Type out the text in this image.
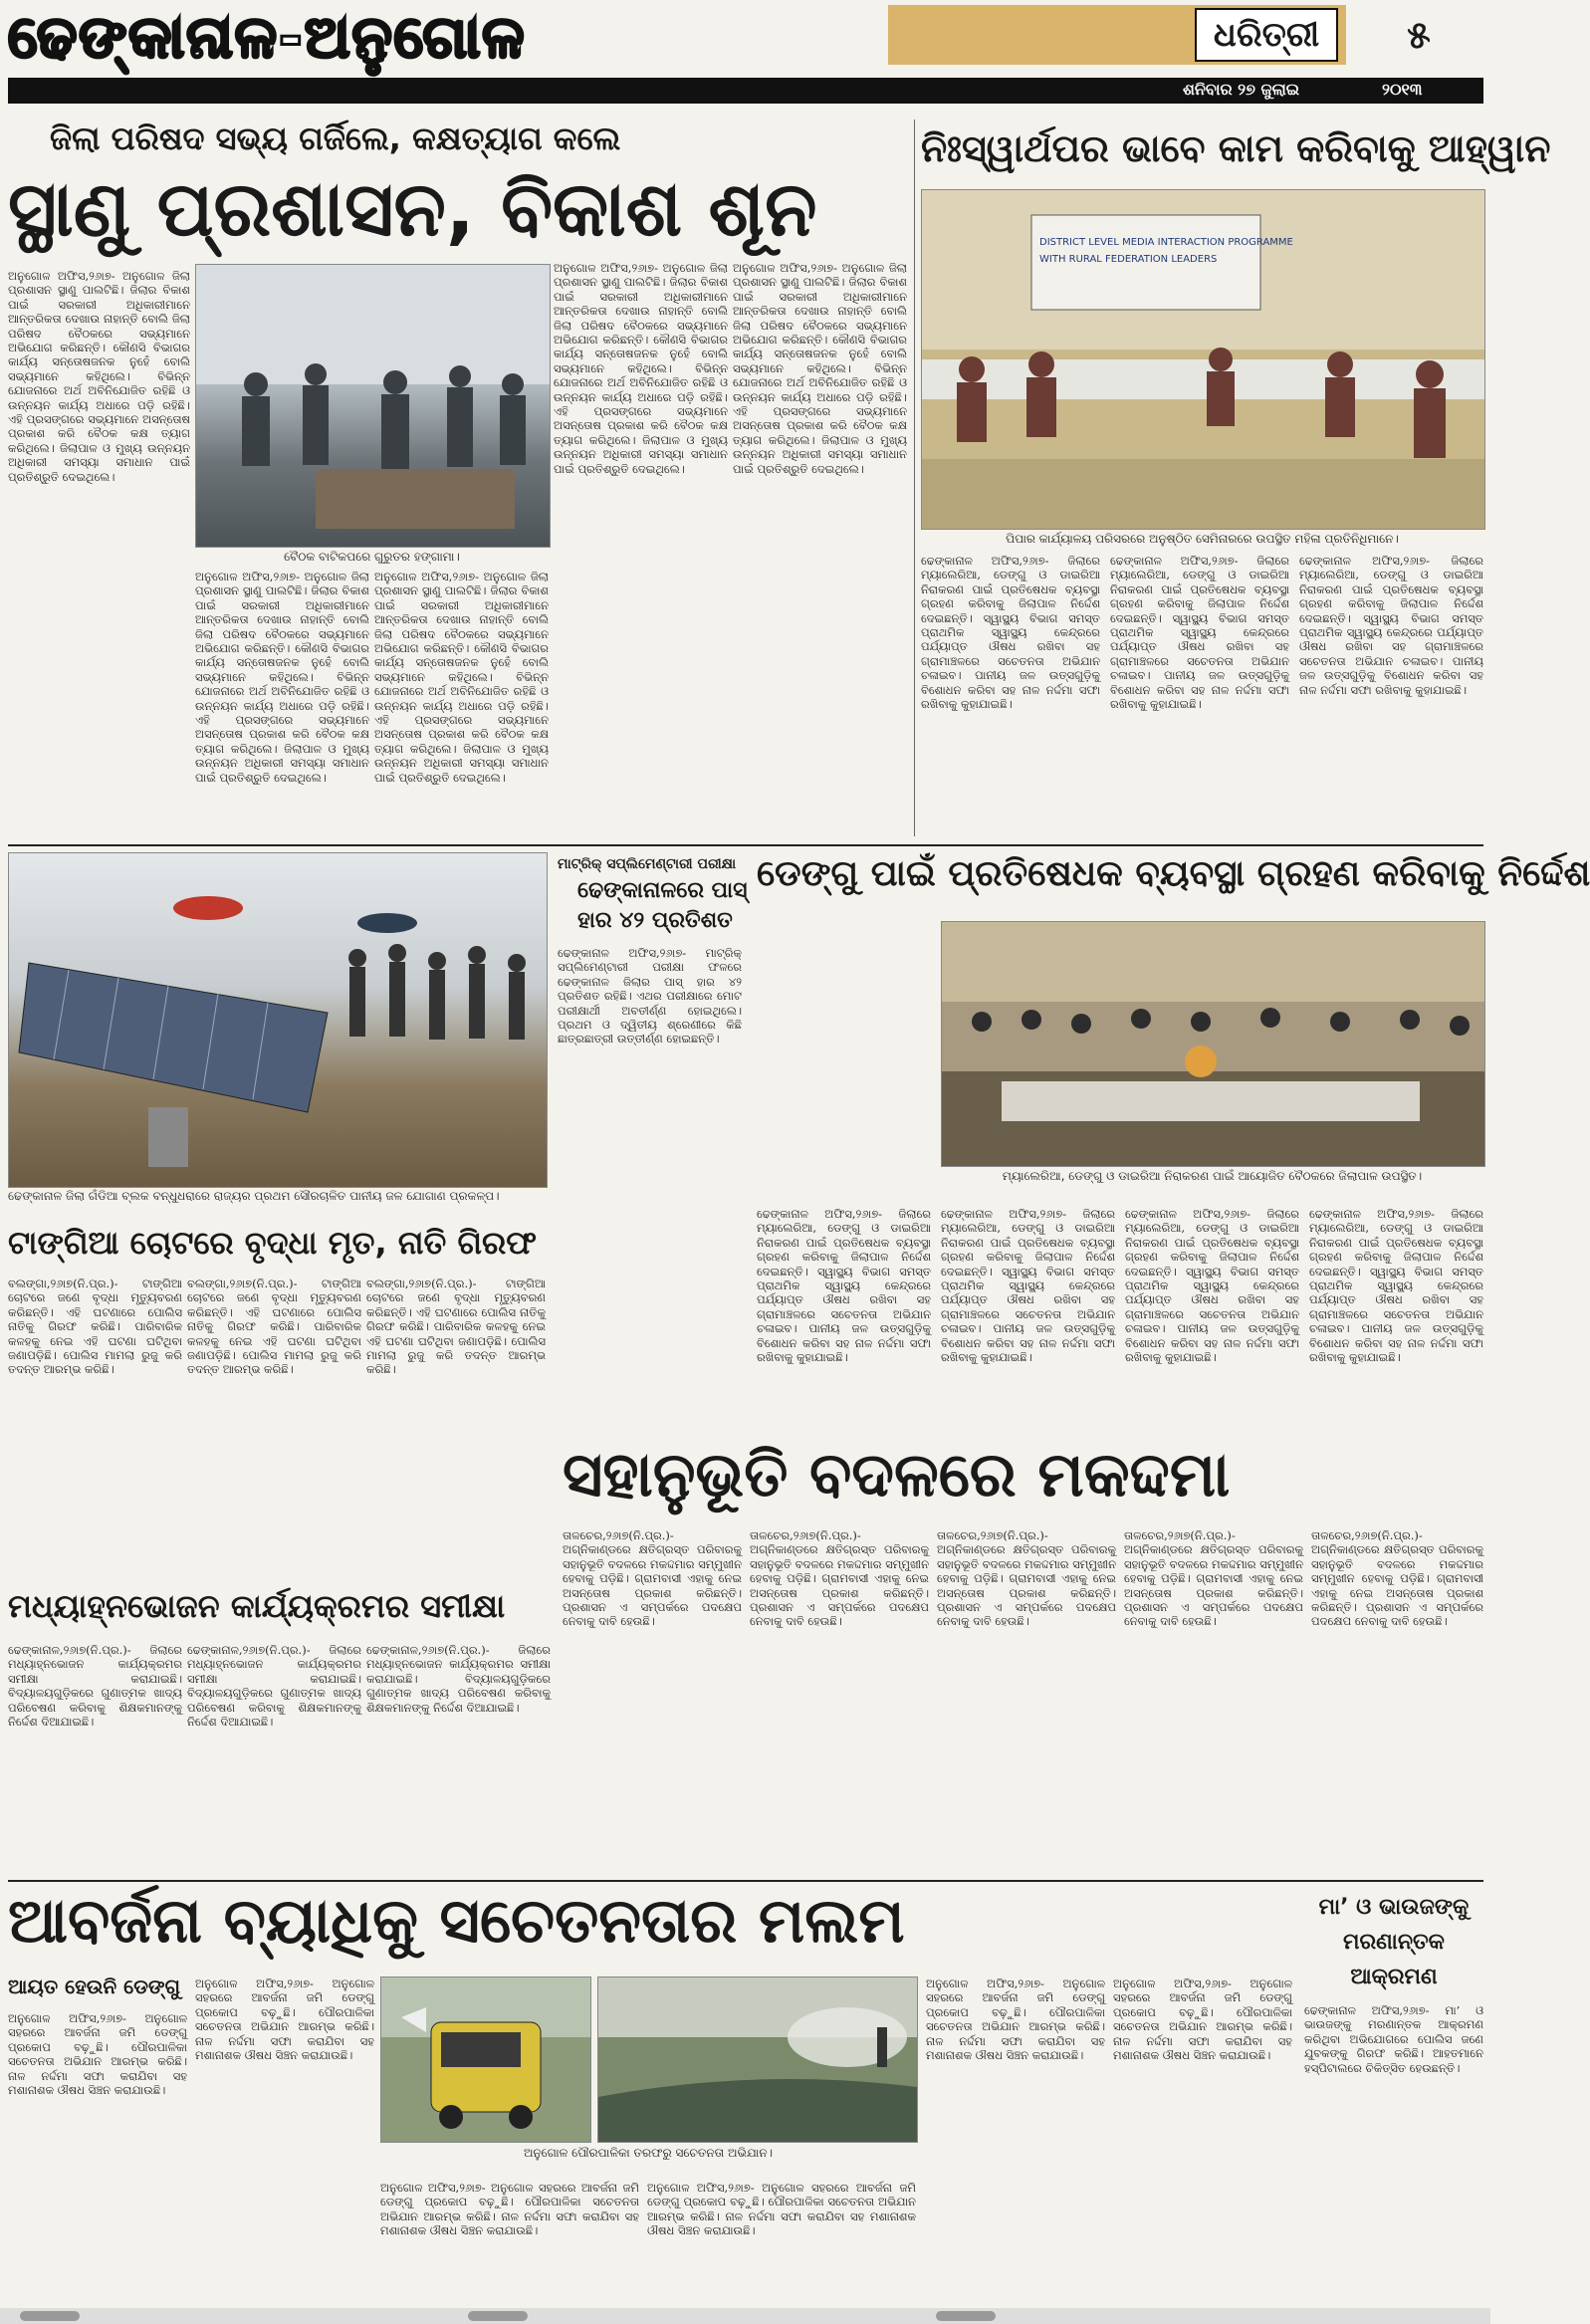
ଢେଙ୍କାନାଳ-ଅନୁଗୋଳ	ଧରିତ୍ରୀ	୫
ଶନିବାର ୨୭ ଜୁଲାଇ	୨୦୧୩
ଜିଲା ପରିଷଦ ସଭ୍ୟ ଗର୍ଜିଲେ, କକ୍ଷତ୍ୟାଗ କଲେ
ସ୍ଥାଣୁ ପ୍ରଶାସନ, ବିକାଶ ଶୂନ
ଅନୁଗୋଳ ଅଫିସ,୨୬ା୭- ଅନୁଗୋଳ ଜିଲା ପ୍ରଶାସନ ସ୍ଥାଣୁ ପାଲଟିଛି। ଜିଲାର ବିକାଶ ପାଇଁ ସରକାରୀ ଅଧିକାରୀମାନେ ଆନ୍ତରିକତା ଦେଖାଉ ନାହାନ୍ତି ବୋଲି ଜିଲା ପରିଷଦ ବୈଠକରେ ସଭ୍ୟମାନେ ଅଭିଯୋଗ କରିଛନ୍ତି। କୌଣସି ବିଭାଗର କାର୍ଯ୍ୟ ସନ୍ତୋଷଜନକ ନୁହେଁ ବୋଲି ସଭ୍ୟମାନେ କହିଥିଲେ। ବିଭିନ୍ନ ଯୋଜନାରେ ଅର୍ଥ ଅବିନିଯୋଜିତ ରହିଛି ଓ ଉନ୍ନୟନ କାର୍ଯ୍ୟ ଅଧାରେ ପଡ଼ି ରହିଛି। ଏହି ପ୍ରସଙ୍ଗରେ ସଭ୍ୟମାନେ ଅସନ୍ତୋଷ ପ୍ରକାଶ କରି ବୈଠକ କକ୍ଷ ତ୍ୟାଗ କରିଥିଲେ। ଜିଲାପାଳ ଓ ମୁଖ୍ୟ ଉନ୍ନୟନ ଅଧିକାରୀ ସମସ୍ୟା ସମାଧାନ ପାଇଁ ପ୍ରତିଶ୍ରୁତି ଦେଇଥିଲେ।
ବୈଠକ ବାଟିକପରେ ଗୁରୁତର ହଙ୍ଗାମା।
ଅନୁଗୋଳ ଅଫିସ,୨୬ା୭- ଅନୁଗୋଳ ଜିଲା ପ୍ରଶାସନ ସ୍ଥାଣୁ ପାଲଟିଛି। ଜିଲାର ବିକାଶ ପାଇଁ ସରକାରୀ ଅଧିକାରୀମାନେ ଆନ୍ତରିକତା ଦେଖାଉ ନାହାନ୍ତି ବୋଲି ଜିଲା ପରିଷଦ ବୈଠକରେ ସଭ୍ୟମାନେ ଅଭିଯୋଗ କରିଛନ୍ତି। କୌଣସି ବିଭାଗର କାର୍ଯ୍ୟ ସନ୍ତୋଷଜନକ ନୁହେଁ ବୋଲି ସଭ୍ୟମାନେ କହିଥିଲେ। ବିଭିନ୍ନ ଯୋଜନାରେ ଅର୍ଥ ଅବିନିଯୋଜିତ ରହିଛି ଓ ଉନ୍ନୟନ କାର୍ଯ୍ୟ ଅଧାରେ ପଡ଼ି ରହିଛି। ଏହି ପ୍ରସଙ୍ଗରେ ସଭ୍ୟମାନେ ଅସନ୍ତୋଷ ପ୍ରକାଶ କରି ବୈଠକ କକ୍ଷ ତ୍ୟାଗ କରିଥିଲେ। ଜିଲାପାଳ ଓ ମୁଖ୍ୟ ଉନ୍ନୟନ ଅଧିକାରୀ ସମସ୍ୟା ସମାଧାନ ପାଇଁ ପ୍ରତିଶ୍ରୁତି ଦେଇଥିଲେ।
ଅନୁଗୋଳ ଅଫିସ,୨୬ା୭- ଅନୁଗୋଳ ଜିଲା ପ୍ରଶାସନ ସ୍ଥାଣୁ ପାଲଟିଛି। ଜିଲାର ବିକାଶ ପାଇଁ ସରକାରୀ ଅଧିକାରୀମାନେ ଆନ୍ତରିକତା ଦେଖାଉ ନାହାନ୍ତି ବୋଲି ଜିଲା ପରିଷଦ ବୈଠକରେ ସଭ୍ୟମାନେ ଅଭିଯୋଗ କରିଛନ୍ତି। କୌଣସି ବିଭାଗର କାର୍ଯ୍ୟ ସନ୍ତୋଷଜନକ ନୁହେଁ ବୋଲି ସଭ୍ୟମାନେ କହିଥିଲେ। ବିଭିନ୍ନ ଯୋଜନାରେ ଅର୍ଥ ଅବିନିଯୋଜିତ ରହିଛି ଓ ଉନ୍ନୟନ କାର୍ଯ୍ୟ ଅଧାରେ ପଡ଼ି ରହିଛି। ଏହି ପ୍ରସଙ୍ଗରେ ସଭ୍ୟମାନେ ଅସନ୍ତୋଷ ପ୍ରକାଶ କରି ବୈଠକ କକ୍ଷ ତ୍ୟାଗ କରିଥିଲେ। ଜିଲାପାଳ ଓ ମୁଖ୍ୟ ଉନ୍ନୟନ ଅଧିକାରୀ ସମସ୍ୟା ସମାଧାନ ପାଇଁ ପ୍ରତିଶ୍ରୁତି ଦେଇଥିଲେ।
ଅନୁଗୋଳ ଅଫିସ,୨୬ା୭- ଅନୁଗୋଳ ଜିଲା ପ୍ରଶାସନ ସ୍ଥାଣୁ ପାଲଟିଛି। ଜିଲାର ବିକାଶ ପାଇଁ ସରକାରୀ ଅଧିକାରୀମାନେ ଆନ୍ତରିକତା ଦେଖାଉ ନାହାନ୍ତି ବୋଲି ଜିଲା ପରିଷଦ ବୈଠକରେ ସଭ୍ୟମାନେ ଅଭିଯୋଗ କରିଛନ୍ତି। କୌଣସି ବିଭାଗର କାର୍ଯ୍ୟ ସନ୍ତୋଷଜନକ ନୁହେଁ ବୋଲି ସଭ୍ୟମାନେ କହିଥିଲେ। ବିଭିନ୍ନ ଯୋଜନାରେ ଅର୍ଥ ଅବିନିଯୋଜିତ ରହିଛି ଓ ଉନ୍ନୟନ କାର୍ଯ୍ୟ ଅଧାରେ ପଡ଼ି ରହିଛି। ଏହି ପ୍ରସଙ୍ଗରେ ସଭ୍ୟମାନେ ଅସନ୍ତୋଷ ପ୍ରକାଶ କରି ବୈଠକ କକ୍ଷ ତ୍ୟାଗ କରିଥିଲେ। ଜିଲାପାଳ ଓ ମୁଖ୍ୟ ଉନ୍ନୟନ ଅଧିକାରୀ ସମସ୍ୟା ସମାଧାନ ପାଇଁ ପ୍ରତିଶ୍ରୁତି ଦେଇଥିଲେ।
ଅନୁଗୋଳ ଅଫିସ,୨୬ା୭- ଅନୁଗୋଳ ଜିଲା ପ୍ରଶାସନ ସ୍ଥାଣୁ ପାଲଟିଛି। ଜିଲାର ବିକାଶ ପାଇଁ ସରକାରୀ ଅଧିକାରୀମାନେ ଆନ୍ତରିକତା ଦେଖାଉ ନାହାନ୍ତି ବୋଲି ଜିଲା ପରିଷଦ ବୈଠକରେ ସଭ୍ୟମାନେ ଅଭିଯୋଗ କରିଛନ୍ତି। କୌଣସି ବିଭାଗର କାର୍ଯ୍ୟ ସନ୍ତୋଷଜନକ ନୁହେଁ ବୋଲି ସଭ୍ୟମାନେ କହିଥିଲେ। ବିଭିନ୍ନ ଯୋଜନାରେ ଅର୍ଥ ଅବିନିଯୋଜିତ ରହିଛି ଓ ଉନ୍ନୟନ କାର୍ଯ୍ୟ ଅଧାରେ ପଡ଼ି ରହିଛି। ଏହି ପ୍ରସଙ୍ଗରେ ସଭ୍ୟମାନେ ଅସନ୍ତୋଷ ପ୍ରକାଶ କରି ବୈଠକ କକ୍ଷ ତ୍ୟାଗ କରିଥିଲେ। ଜିଲାପାଳ ଓ ମୁଖ୍ୟ ଉନ୍ନୟନ ଅଧିକାରୀ ସମସ୍ୟା ସମାଧାନ ପାଇଁ ପ୍ରତିଶ୍ରୁତି ଦେଇଥିଲେ।
ନିଃସ୍ୱାର୍ଥପର ଭାବେ କାମ କରିବାକୁ ଆହ୍ୱାନ
DISTRICT LEVEL MEDIA INTERACTION PROGRAMME
WITH RURAL FEDERATION LEADERS
ପିପାର କାର୍ଯ୍ୟାଳୟ ପରିସରରେ ଅନୁଷ୍ଠିତ ସେମିନାରରେ ଉପସ୍ଥିତ ମହିଳା ପ୍ରତିନିଧିମାନେ।
ଢେଙ୍କାନାଳ ଅଫିସ,୨୬ା୭- ଜିଲାରେ ମ୍ୟାଲେରିଆ, ଡେଙ୍ଗୁ ଓ ଡାଇରିଆ ନିରାକରଣ ପାଇଁ ପ୍ରତିଷେଧକ ବ୍ୟବସ୍ଥା ଗ୍ରହଣ କରିବାକୁ ଜିଲାପାଳ ନିର୍ଦ୍ଦେଶ ଦେଇଛନ୍ତି। ସ୍ୱାସ୍ଥ୍ୟ ବିଭାଗ ସମସ୍ତ ପ୍ରାଥମିକ ସ୍ୱାସ୍ଥ୍ୟ କେନ୍ଦ୍ରରେ ପର୍ଯ୍ୟାପ୍ତ ଔଷଧ ରଖିବା ସହ ଗ୍ରାମାଞ୍ଚଳରେ ସଚେତନତା ଅଭିଯାନ ଚଳାଇବ। ପାନୀୟ ଜଳ ଉତ୍ସଗୁଡ଼ିକୁ ବିଶୋଧନ କରିବା ସହ ନାଳ ନର୍ଦ୍ଦମା ସଫା ରଖିବାକୁ କୁହାଯାଇଛି।
ଢେଙ୍କାନାଳ ଅଫିସ,୨୬ା୭- ଜିଲାରେ ମ୍ୟାଲେରିଆ, ଡେଙ୍ଗୁ ଓ ଡାଇରିଆ ନିରାକରଣ ପାଇଁ ପ୍ରତିଷେଧକ ବ୍ୟବସ୍ଥା ଗ୍ରହଣ କରିବାକୁ ଜିଲାପାଳ ନିର୍ଦ୍ଦେଶ ଦେଇଛନ୍ତି। ସ୍ୱାସ୍ଥ୍ୟ ବିଭାଗ ସମସ୍ତ ପ୍ରାଥମିକ ସ୍ୱାସ୍ଥ୍ୟ କେନ୍ଦ୍ରରେ ପର୍ଯ୍ୟାପ୍ତ ଔଷଧ ରଖିବା ସହ ଗ୍ରାମାଞ୍ଚଳରେ ସଚେତନତା ଅଭିଯାନ ଚଳାଇବ। ପାନୀୟ ଜଳ ଉତ୍ସଗୁଡ଼ିକୁ ବିଶୋଧନ କରିବା ସହ ନାଳ ନର୍ଦ୍ଦମା ସଫା ରଖିବାକୁ କୁହାଯାଇଛି।
ଢେଙ୍କାନାଳ ଅଫିସ,୨୬ା୭- ଜିଲାରେ ମ୍ୟାଲେରିଆ, ଡେଙ୍ଗୁ ଓ ଡାଇରିଆ ନିରାକରଣ ପାଇଁ ପ୍ରତିଷେଧକ ବ୍ୟବସ୍ଥା ଗ୍ରହଣ କରିବାକୁ ଜିଲାପାଳ ନିର୍ଦ୍ଦେଶ ଦେଇଛନ୍ତି। ସ୍ୱାସ୍ଥ୍ୟ ବିଭାଗ ସମସ୍ତ ପ୍ରାଥମିକ ସ୍ୱାସ୍ଥ୍ୟ କେନ୍ଦ୍ରରେ ପର୍ଯ୍ୟାପ୍ତ ଔଷଧ ରଖିବା ସହ ଗ୍ରାମାଞ୍ଚଳରେ ସଚେତନତା ଅଭିଯାନ ଚଳାଇବ। ପାନୀୟ ଜଳ ଉତ୍ସଗୁଡ଼ିକୁ ବିଶୋଧନ କରିବା ସହ ନାଳ ନର୍ଦ୍ଦମା ସଫା ରଖିବାକୁ କୁହାଯାଇଛି।
ଢେଙ୍କାନାଳ ଜିଲା ଗଁଡିଆ ବ୍ଲକ ବନ୍ଧୁଧରାରେ ରାଜ୍ୟର ପ୍ରଥମ ସୌରଚାଳିତ ପାନୀୟ ଜଳ ଯୋଗାଣ ପ୍ରକଳ୍ପ।
ମାଟ୍ରିକ୍ ସପ୍ଲିମେଣ୍ଟାରୀ ପରୀକ୍ଷା
ଢେଙ୍କାନାଳରେ ପାସ୍
ହାର ୪୨ ପ୍ରତିଶତ
ଢେଙ୍କାନାଳ ଅଫିସ,୨୬ା୭- ମାଟ୍ରିକ୍ ସପ୍ଲିମେଣ୍ଟାରୀ ପରୀକ୍ଷା ଫଳରେ ଢେଙ୍କାନାଳ ଜିଲାର ପାସ୍ ହାର ୪୨ ପ୍ରତିଶତ ରହିଛି। ଏଥର ପରୀକ୍ଷାରେ ମୋଟ ପରୀକ୍ଷାର୍ଥୀ ଅବତୀର୍ଣ୍ଣ ହୋଇଥିଲେ। ପ୍ରଥମ ଓ ଦ୍ୱିତୀୟ ଶ୍ରେଣୀରେ କିଛି ଛାତ୍ରଛାତ୍ରୀ ଉତ୍ତୀର୍ଣ୍ଣ ହୋଇଛନ୍ତି।
ଡେଙ୍ଗୁ ପାଇଁ ପ୍ରତିଷେଧକ ବ୍ୟବସ୍ଥା ଗ୍ରହଣ କରିବାକୁ ନିର୍ଦ୍ଦେଶ
ମ୍ୟାଲେରିଆ, ଡେଙ୍ଗୁ ଓ ଡାଇରିଆ ନିରାକରଣ ପାଇଁ ଆୟୋଜିତ ବୈଠକରେ ଜିଲାପାଳ ଉପସ୍ଥିତ।
ଢେଙ୍କାନାଳ ଅଫିସ,୨୬ା୭- ଜିଲାରେ ମ୍ୟାଲେରିଆ, ଡେଙ୍ଗୁ ଓ ଡାଇରିଆ ନିରାକରଣ ପାଇଁ ପ୍ରତିଷେଧକ ବ୍ୟବସ୍ଥା ଗ୍ରହଣ କରିବାକୁ ଜିଲାପାଳ ନିର୍ଦ୍ଦେଶ ଦେଇଛନ୍ତି। ସ୍ୱାସ୍ଥ୍ୟ ବିଭାଗ ସମସ୍ତ ପ୍ରାଥମିକ ସ୍ୱାସ୍ଥ୍ୟ କେନ୍ଦ୍ରରେ ପର୍ଯ୍ୟାପ୍ତ ଔଷଧ ରଖିବା ସହ ଗ୍ରାମାଞ୍ଚଳରେ ସଚେତନତା ଅଭିଯାନ ଚଳାଇବ। ପାନୀୟ ଜଳ ଉତ୍ସଗୁଡ଼ିକୁ ବିଶୋଧନ କରିବା ସହ ନାଳ ନର୍ଦ୍ଦମା ସଫା ରଖିବାକୁ କୁହାଯାଇଛି।
ଢେଙ୍କାନାଳ ଅଫିସ,୨୬ା୭- ଜିଲାରେ ମ୍ୟାଲେରିଆ, ଡେଙ୍ଗୁ ଓ ଡାଇରିଆ ନିରାକରଣ ପାଇଁ ପ୍ରତିଷେଧକ ବ୍ୟବସ୍ଥା ଗ୍ରହଣ କରିବାକୁ ଜିଲାପାଳ ନିର୍ଦ୍ଦେଶ ଦେଇଛନ୍ତି। ସ୍ୱାସ୍ଥ୍ୟ ବିଭାଗ ସମସ୍ତ ପ୍ରାଥମିକ ସ୍ୱାସ୍ଥ୍ୟ କେନ୍ଦ୍ରରେ ପର୍ଯ୍ୟାପ୍ତ ଔଷଧ ରଖିବା ସହ ଗ୍ରାମାଞ୍ଚଳରେ ସଚେତନତା ଅଭିଯାନ ଚଳାଇବ। ପାନୀୟ ଜଳ ଉତ୍ସଗୁଡ଼ିକୁ ବିଶୋଧନ କରିବା ସହ ନାଳ ନର୍ଦ୍ଦମା ସଫା ରଖିବାକୁ କୁହାଯାଇଛି।
ଢେଙ୍କାନାଳ ଅଫିସ,୨୬ା୭- ଜିଲାରେ ମ୍ୟାଲେରିଆ, ଡେଙ୍ଗୁ ଓ ଡାଇରିଆ ନିରାକରଣ ପାଇଁ ପ୍ରତିଷେଧକ ବ୍ୟବସ୍ଥା ଗ୍ରହଣ କରିବାକୁ ଜିଲାପାଳ ନିର୍ଦ୍ଦେଶ ଦେଇଛନ୍ତି। ସ୍ୱାସ୍ଥ୍ୟ ବିଭାଗ ସମସ୍ତ ପ୍ରାଥମିକ ସ୍ୱାସ୍ଥ୍ୟ କେନ୍ଦ୍ରରେ ପର୍ଯ୍ୟାପ୍ତ ଔଷଧ ରଖିବା ସହ ଗ୍ରାମାଞ୍ଚଳରେ ସଚେତନତା ଅଭିଯାନ ଚଳାଇବ। ପାନୀୟ ଜଳ ଉତ୍ସଗୁଡ଼ିକୁ ବିଶୋଧନ କରିବା ସହ ନାଳ ନର୍ଦ୍ଦମା ସଫା ରଖିବାକୁ କୁହାଯାଇଛି।
ଢେଙ୍କାନାଳ ଅଫିସ,୨୬ା୭- ଜିଲାରେ ମ୍ୟାଲେରିଆ, ଡେଙ୍ଗୁ ଓ ଡାଇରିଆ ନିରାକରଣ ପାଇଁ ପ୍ରତିଷେଧକ ବ୍ୟବସ୍ଥା ଗ୍ରହଣ କରିବାକୁ ଜିଲାପାଳ ନିର୍ଦ୍ଦେଶ ଦେଇଛନ୍ତି। ସ୍ୱାସ୍ଥ୍ୟ ବିଭାଗ ସମସ୍ତ ପ୍ରାଥମିକ ସ୍ୱାସ୍ଥ୍ୟ କେନ୍ଦ୍ରରେ ପର୍ଯ୍ୟାପ୍ତ ଔଷଧ ରଖିବା ସହ ଗ୍ରାମାଞ୍ଚଳରେ ସଚେତନତା ଅଭିଯାନ ଚଳାଇବ। ପାନୀୟ ଜଳ ଉତ୍ସଗୁଡ଼ିକୁ ବିଶୋଧନ କରିବା ସହ ନାଳ ନର୍ଦ୍ଦମା ସଫା ରଖିବାକୁ କୁହାଯାଇଛି।
ଟାଙ୍ଗିଆ ଚୋଟରେ ବୃଦ୍ଧା ମୃତ, ନାତି ଗିରଫ
ବଲଙ୍ଗା,୨୬ା୭(ନି.ପ୍ର.)- ଟାଙ୍ଗିଆ ଚୋଟରେ ଜଣେ ବୃଦ୍ଧା ମୃତ୍ୟୁବରଣ କରିଛନ୍ତି। ଏହି ଘଟଣାରେ ପୋଲିସ ନାତିକୁ ଗିରଫ କରିଛି। ପାରିବାରିକ କଳହକୁ ନେଇ ଏହି ଘଟଣା ଘଟିଥିବା ଜଣାପଡ଼ିଛି। ପୋଲିସ ମାମଲା ରୁଜୁ କରି ତଦନ୍ତ ଆରମ୍ଭ କରିଛି।
ବଲଙ୍ଗା,୨୬ା୭(ନି.ପ୍ର.)- ଟାଙ୍ଗିଆ ଚୋଟରେ ଜଣେ ବୃଦ୍ଧା ମୃତ୍ୟୁବରଣ କରିଛନ୍ତି। ଏହି ଘଟଣାରେ ପୋଲିସ ନାତିକୁ ଗିରଫ କରିଛି। ପାରିବାରିକ କଳହକୁ ନେଇ ଏହି ଘଟଣା ଘଟିଥିବା ଜଣାପଡ଼ିଛି। ପୋଲିସ ମାମଲା ରୁଜୁ କରି ତଦନ୍ତ ଆରମ୍ଭ କରିଛି।
ବଲଙ୍ଗା,୨୬ା୭(ନି.ପ୍ର.)- ଟାଙ୍ଗିଆ ଚୋଟରେ ଜଣେ ବୃଦ୍ଧା ମୃତ୍ୟୁବରଣ କରିଛନ୍ତି। ଏହି ଘଟଣାରେ ପୋଲିସ ନାତିକୁ ଗିରଫ କରିଛି। ପାରିବାରିକ କଳହକୁ ନେଇ ଏହି ଘଟଣା ଘଟିଥିବା ଜଣାପଡ଼ିଛି। ପୋଲିସ ମାମଲା ରୁଜୁ କରି ତଦନ୍ତ ଆରମ୍ଭ କରିଛି।
ସହାନୁଭୂତି ବଦଳରେ ମକଦ୍ଦମା
ତାଳଚେର,୨୬ା୭(ନି.ପ୍ର.)- ଅଗ୍ନିକାଣ୍ଡରେ କ୍ଷତିଗ୍ରସ୍ତ ପରିବାରକୁ ସହାନୁଭୂତି ବଦଳରେ ମକଦ୍ଦମାର ସମ୍ମୁଖୀନ ହେବାକୁ ପଡ଼ିଛି। ଗ୍ରାମବାସୀ ଏହାକୁ ନେଇ ଅସନ୍ତୋଷ ପ୍ରକାଶ କରିଛନ୍ତି। ପ୍ରଶାସନ ଏ ସମ୍ପର୍କରେ ପଦକ୍ଷେପ ନେବାକୁ ଦାବି ହେଉଛି।
ତାଳଚେର,୨୬ା୭(ନି.ପ୍ର.)- ଅଗ୍ନିକାଣ୍ଡରେ କ୍ଷତିଗ୍ରସ୍ତ ପରିବାରକୁ ସହାନୁଭୂତି ବଦଳରେ ମକଦ୍ଦମାର ସମ୍ମୁଖୀନ ହେବାକୁ ପଡ଼ିଛି। ଗ୍ରାମବାସୀ ଏହାକୁ ନେଇ ଅସନ୍ତୋଷ ପ୍ରକାଶ କରିଛନ୍ତି। ପ୍ରଶାସନ ଏ ସମ୍ପର୍କରେ ପଦକ୍ଷେପ ନେବାକୁ ଦାବି ହେଉଛି।
ତାଳଚେର,୨୬ା୭(ନି.ପ୍ର.)- ଅଗ୍ନିକାଣ୍ଡରେ କ୍ଷତିଗ୍ରସ୍ତ ପରିବାରକୁ ସହାନୁଭୂତି ବଦଳରେ ମକଦ୍ଦମାର ସମ୍ମୁଖୀନ ହେବାକୁ ପଡ଼ିଛି। ଗ୍ରାମବାସୀ ଏହାକୁ ନେଇ ଅସନ୍ତୋଷ ପ୍ରକାଶ କରିଛନ୍ତି। ପ୍ରଶାସନ ଏ ସମ୍ପର୍କରେ ପଦକ୍ଷେପ ନେବାକୁ ଦାବି ହେଉଛି।
ତାଳଚେର,୨୬ା୭(ନି.ପ୍ର.)- ଅଗ୍ନିକାଣ୍ଡରେ କ୍ଷତିଗ୍ରସ୍ତ ପରିବାରକୁ ସହାନୁଭୂତି ବଦଳରେ ମକଦ୍ଦମାର ସମ୍ମୁଖୀନ ହେବାକୁ ପଡ଼ିଛି। ଗ୍ରାମବାସୀ ଏହାକୁ ନେଇ ଅସନ୍ତୋଷ ପ୍ରକାଶ କରିଛନ୍ତି। ପ୍ରଶାସନ ଏ ସମ୍ପର୍କରେ ପଦକ୍ଷେପ ନେବାକୁ ଦାବି ହେଉଛି।
ତାଳଚେର,୨୬ା୭(ନି.ପ୍ର.)- ଅଗ୍ନିକାଣ୍ଡରେ କ୍ଷତିଗ୍ରସ୍ତ ପରିବାରକୁ ସହାନୁଭୂତି ବଦଳରେ ମକଦ୍ଦମାର ସମ୍ମୁଖୀନ ହେବାକୁ ପଡ଼ିଛି। ଗ୍ରାମବାସୀ ଏହାକୁ ନେଇ ଅସନ୍ତୋଷ ପ୍ରକାଶ କରିଛନ୍ତି। ପ୍ରଶାସନ ଏ ସମ୍ପର୍କରେ ପଦକ୍ଷେପ ନେବାକୁ ଦାବି ହେଉଛି।
ମଧ୍ୟାହ୍ନଭୋଜନ କାର୍ଯ୍ୟକ୍ରମର ସମୀକ୍ଷା
ଢେଙ୍କାନାଳ,୨୬ା୭(ନି.ପ୍ର.)- ଜିଲାରେ ମଧ୍ୟାହ୍ନଭୋଜନ କାର୍ଯ୍ୟକ୍ରମର ସମୀକ୍ଷା କରାଯାଇଛି। ବିଦ୍ୟାଳୟଗୁଡ଼ିକରେ ଗୁଣାତ୍ମକ ଖାଦ୍ୟ ପରିବେଷଣ କରିବାକୁ ଶିକ୍ଷକମାନଙ୍କୁ ନିର୍ଦ୍ଦେଶ ଦିଆଯାଇଛି।
ଢେଙ୍କାନାଳ,୨୬ା୭(ନି.ପ୍ର.)- ଜିଲାରେ ମଧ୍ୟାହ୍ନଭୋଜନ କାର୍ଯ୍ୟକ୍ରମର ସମୀକ୍ଷା କରାଯାଇଛି। ବିଦ୍ୟାଳୟଗୁଡ଼ିକରେ ଗୁଣାତ୍ମକ ଖାଦ୍ୟ ପରିବେଷଣ କରିବାକୁ ଶିକ୍ଷକମାନଙ୍କୁ ନିର୍ଦ୍ଦେଶ ଦିଆଯାଇଛି।
ଢେଙ୍କାନାଳ,୨୬ା୭(ନି.ପ୍ର.)- ଜିଲାରେ ମଧ୍ୟାହ୍ନଭୋଜନ କାର୍ଯ୍ୟକ୍ରମର ସମୀକ୍ଷା କରାଯାଇଛି। ବିଦ୍ୟାଳୟଗୁଡ଼ିକରେ ଗୁଣାତ୍ମକ ଖାଦ୍ୟ ପରିବେଷଣ କରିବାକୁ ଶିକ୍ଷକମାନଙ୍କୁ ନିର୍ଦ୍ଦେଶ ଦିଆଯାଇଛି।
ଆବର୍ଜନା ବ୍ୟାଧିକୁ ସଚେତନତାର ମଲମ
ଆୟତ ହେଉନି ଡେଙ୍ଗୁ
ଅନୁଗୋଳ ଅଫିସ,୨୬ା୭- ଅନୁଗୋଳ ସହରରେ ଆବର୍ଜନା ଜମି ଡେଙ୍ଗୁ ପ୍ରକୋପ ବଢ଼ୁଛି। ପୌରପାଳିକା ସଚେତନତା ଅଭିଯାନ ଆରମ୍ଭ କରିଛି। ନାଳ ନର୍ଦ୍ଦମା ସଫା କରାଯିବା ସହ ମଶାନାଶକ ଔଷଧ ସିଞ୍ଚନ କରାଯାଉଛି।
ଅନୁଗୋଳ ଅଫିସ,୨୬ା୭- ଅନୁଗୋଳ ସହରରେ ଆବର୍ଜନା ଜମି ଡେଙ୍ଗୁ ପ୍ରକୋପ ବଢ଼ୁଛି। ପୌରପାଳିକା ସଚେତନତା ଅଭିଯାନ ଆରମ୍ଭ କରିଛି। ନାଳ ନର୍ଦ୍ଦମା ସଫା କରାଯିବା ସହ ମଶାନାଶକ ଔଷଧ ସିଞ୍ଚନ କରାଯାଉଛି।
ଅନୁଗୋଳ ପୌରପାଳିକା ତରଫରୁ ସଚେତନତା ଅଭିଯାନ।
ଅନୁଗୋଳ ଅଫିସ,୨୬ା୭- ଅନୁଗୋଳ ସହରରେ ଆବର୍ଜନା ଜମି ଡେଙ୍ଗୁ ପ୍ରକୋପ ବଢ଼ୁଛି। ପୌରପାଳିକା ସଚେତନତା ଅଭିଯାନ ଆରମ୍ଭ କରିଛି। ନାଳ ନର୍ଦ୍ଦମା ସଫା କରାଯିବା ସହ ମଶାନାଶକ ଔଷଧ ସିଞ୍ଚନ କରାଯାଉଛି।
ଅନୁଗୋଳ ଅଫିସ,୨୬ା୭- ଅନୁଗୋଳ ସହରରେ ଆବର୍ଜନା ଜମି ଡେଙ୍ଗୁ ପ୍ରକୋପ ବଢ଼ୁଛି। ପୌରପାଳିକା ସଚେତନତା ଅଭିଯାନ ଆରମ୍ଭ କରିଛି। ନାଳ ନର୍ଦ୍ଦମା ସଫା କରାଯିବା ସହ ମଶାନାଶକ ଔଷଧ ସିଞ୍ଚନ କରାଯାଉଛି।
ଅନୁଗୋଳ ଅଫିସ,୨୬ା୭- ଅନୁଗୋଳ ସହରରେ ଆବର୍ଜନା ଜମି ଡେଙ୍ଗୁ ପ୍ରକୋପ ବଢ଼ୁଛି। ପୌରପାଳିକା ସଚେତନତା ଅଭିଯାନ ଆରମ୍ଭ କରିଛି। ନାଳ ନର୍ଦ୍ଦମା ସଫା କରାଯିବା ସହ ମଶାନାଶକ ଔଷଧ ସିଞ୍ଚନ କରାଯାଉଛି।
ଅନୁଗୋଳ ଅଫିସ,୨୬ା୭- ଅନୁଗୋଳ ସହରରେ ଆବର୍ଜନା ଜମି ଡେଙ୍ଗୁ ପ୍ରକୋପ ବଢ଼ୁଛି। ପୌରପାଳିକା ସଚେତନତା ଅଭିଯାନ ଆରମ୍ଭ କରିଛି। ନାଳ ନର୍ଦ୍ଦମା ସଫା କରାଯିବା ସହ ମଶାନାଶକ ଔଷଧ ସିଞ୍ଚନ କରାଯାଉଛି।
ମା’ ଓ ଭାଉଜଙ୍କୁ
ମରଣାନ୍ତକ
ଆକ୍ରମଣ
ଢେଙ୍କାନାଳ ଅଫିସ,୨୬ା୭- ମା’ ଓ ଭାଉଜଙ୍କୁ ମରଣାନ୍ତକ ଆକ୍ରମଣ କରିଥିବା ଅଭିଯୋଗରେ ପୋଲିସ ଜଣେ ଯୁବକଙ୍କୁ ଗିରଫ କରିଛି। ଆହତମାନେ ହସ୍ପିଟାଲରେ ଚିକିତ୍ସିତ ହେଉଛନ୍ତି।
